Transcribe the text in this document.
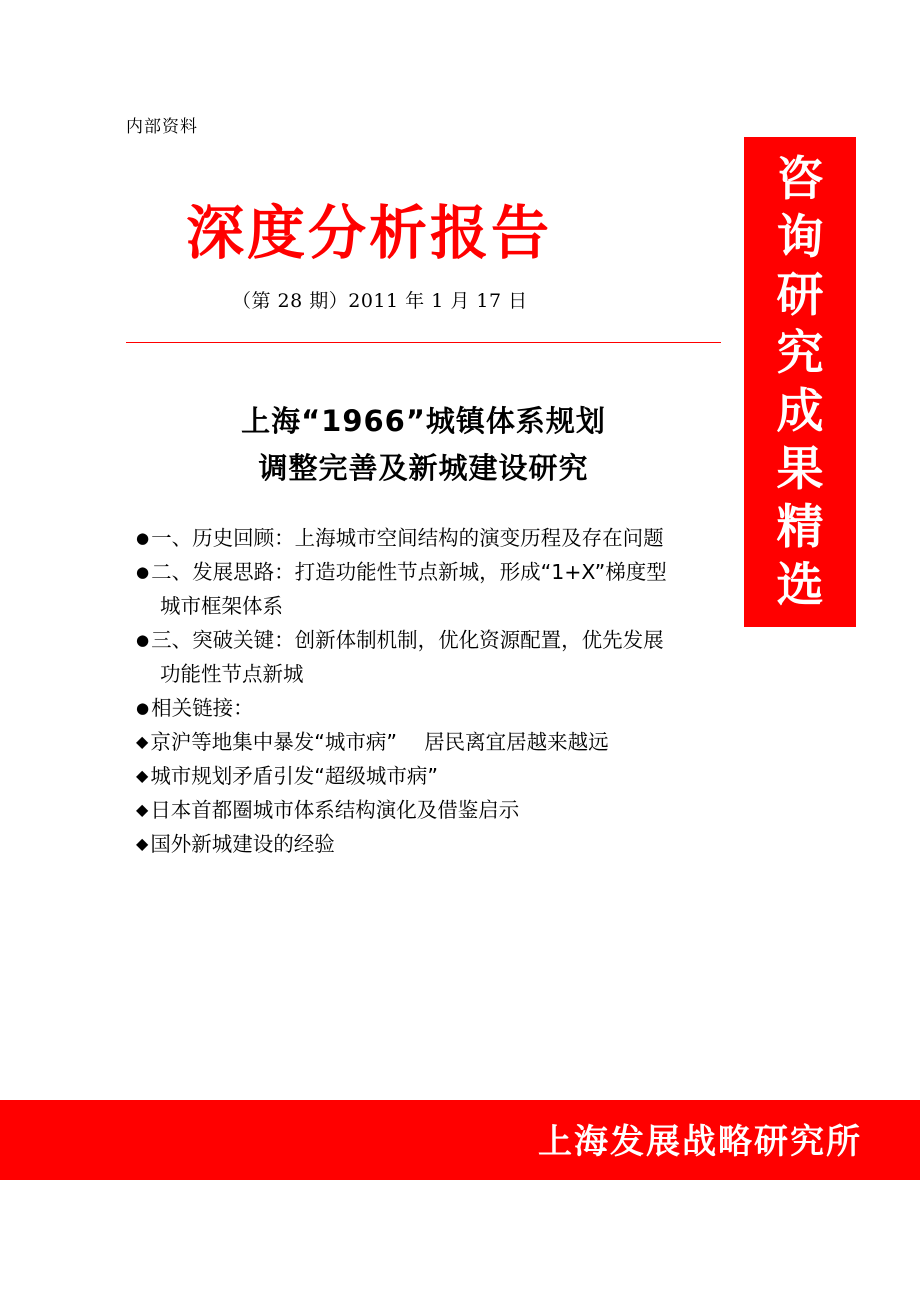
内部资料
深度分析报告
（第 28 期）2011 年 1 月 17 日
上海“1966”城镇体系规划
调整完善及新城建设研究
● 一、历史回顾：上海城市空间结构的演变历程及存在问题
● 二、发展思路：打造功能性节点新城，形成“1+X”梯度型
城市框架体系
● 三、突破关键：创新体制机制，优化资源配置，优先发展
功能性节点新城
● 相关链接：
◆ 京沪等地集中暴发“城市病”　 居民离宜居越来越远
◆ 城市规划矛盾引发“超级城市病”
◆ 日本首都圈城市体系结构演化及借鉴启示
◆ 国外新城建设的经验
咨
询
研
究
成
果
精
选
上海发展战略研究所
